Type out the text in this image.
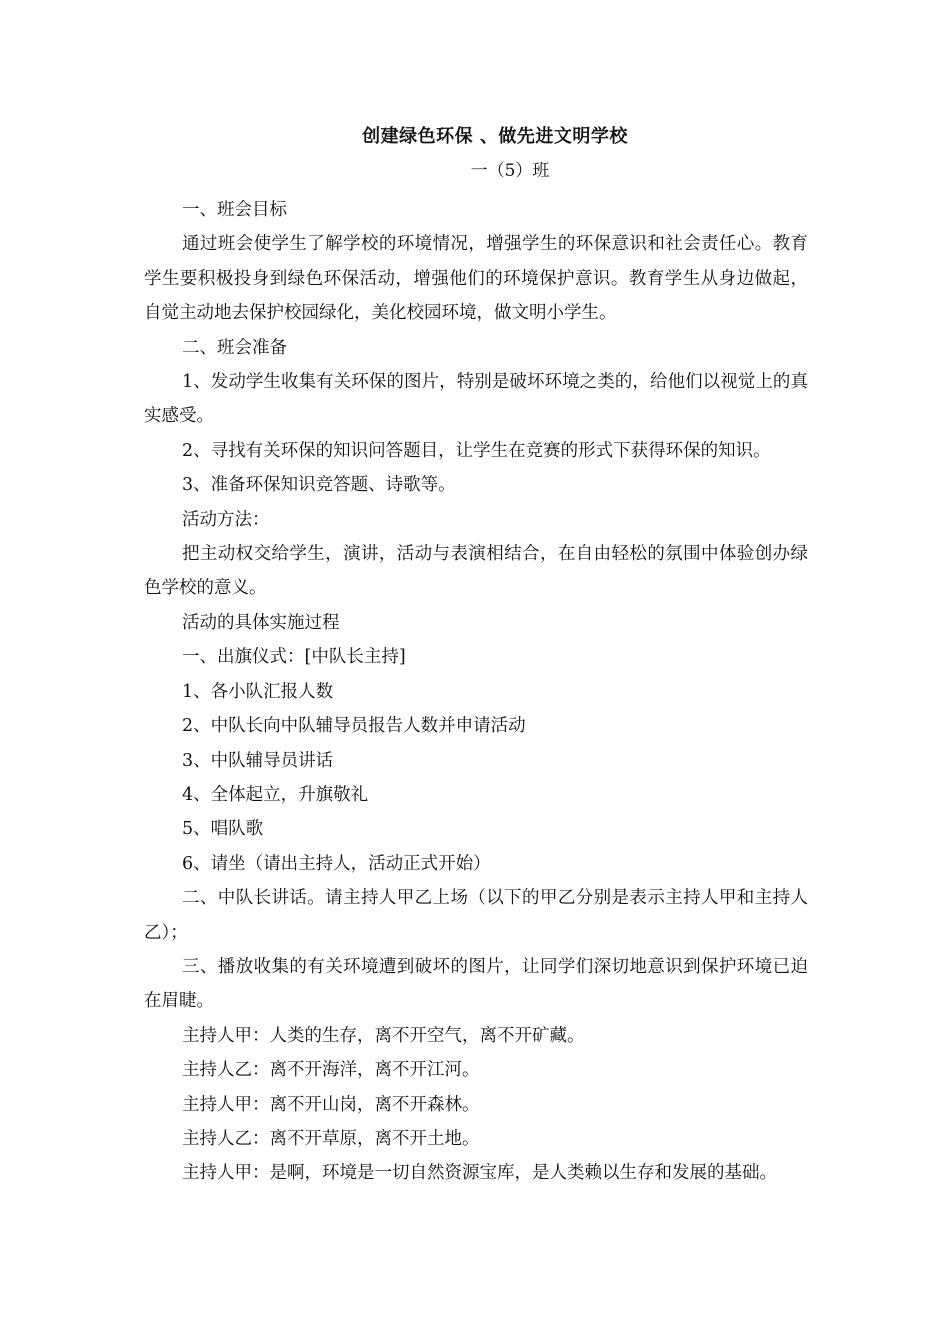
创建绿色环保 、做先进文明学校
一（5）班

一、班会目标

通过班会使学生了解学校的环境情况，增强学生的环保意识和社会责任心。教育学生要积极投身到绿色环保活动，增强他们的环境保护意识。教育学生从身边做起，自觉主动地去保护校园绿化，美化校园环境，做文明小学生。

二、班会准备

1、发动学生收集有关环保的图片，特别是破坏环境之类的，给他们以视觉上的真实感受。

2、寻找有关环保的知识问答题目，让学生在竞赛的形式下获得环保的知识。

3、准备环保知识竞答题、诗歌等。

活动方法：

把主动权交给学生，演讲，活动与表演相结合，在自由轻松的氛围中体验创办绿色学校的意义。

活动的具体实施过程

一、出旗仪式：[中队长主持]

1、各小队汇报人数

2、中队长向中队辅导员报告人数并申请活动

3、中队辅导员讲话

4、全体起立，升旗敬礼

5、唱队歌

6、请坐（请出主持人，活动正式开始）

二、中队长讲话。请主持人甲乙上场（以下的甲乙分别是表示主持人甲和主持人乙）；

三、播放收集的有关环境遭到破坏的图片，让同学们深切地意识到保护环境已迫在眉睫。

主持人甲：人类的生存，离不开空气，离不开矿藏。

主持人乙：离不开海洋，离不开江河。

主持人甲：离不开山岗，离不开森林。

主持人乙：离不开草原，离不开土地。

主持人甲：是啊，环境是一切自然资源宝库，是人类赖以生存和发展的基础。
